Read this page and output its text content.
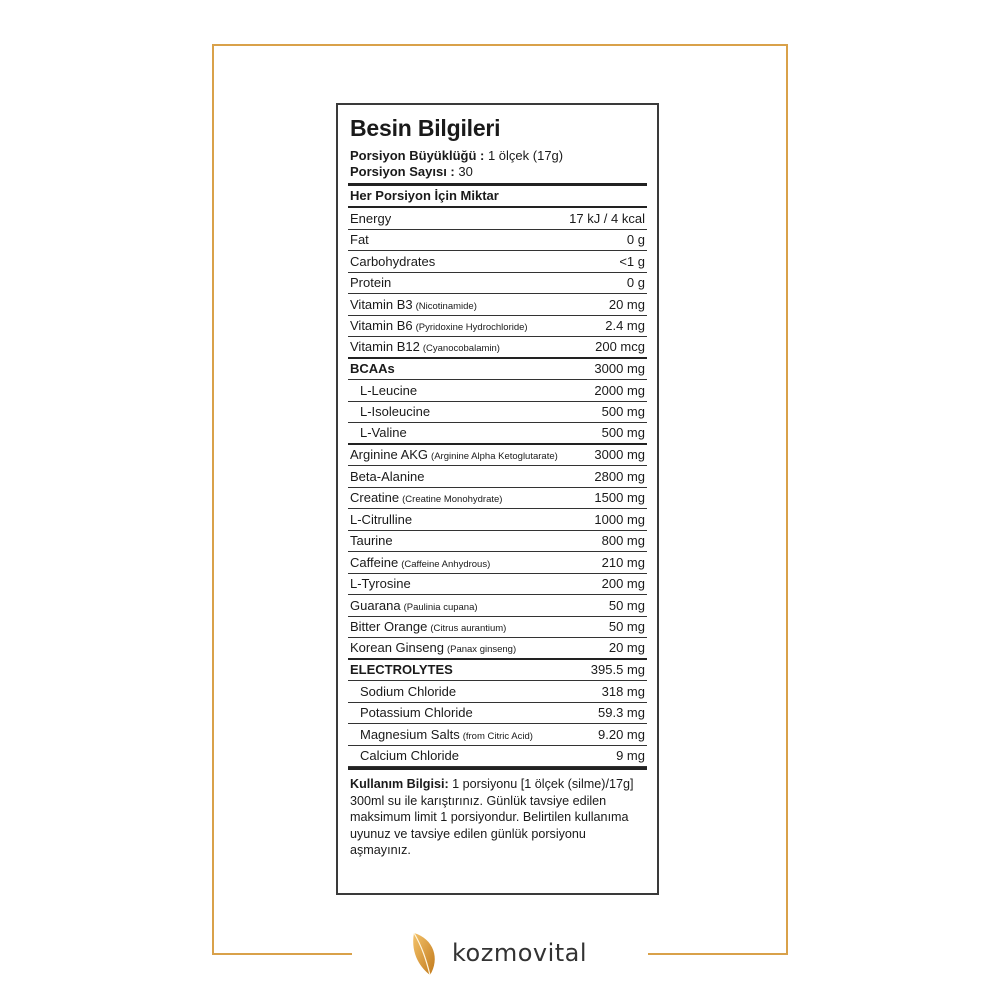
Besin Bilgileri
Porsiyon Büyüklüğü : 1 ölçek (17g)
Porsiyon Sayısı : 30
Her Porsiyon İçin Miktar
Energy	17 kJ / 4 kcal
Fat	0 g
Carbohydrates	<1 g
Protein	0 g
Vitamin B3 (Nicotinamide)	20 mg
Vitamin B6 (Pyridoxine Hydrochloride)	2.4 mg
Vitamin B12 (Cyanocobalamin)	200 mcg
BCAAs	3000 mg
L-Leucine	2000 mg
L-Isoleucine	500 mg
L-Valine	500 mg
Arginine AKG (Arginine Alpha Ketoglutarate)	3000 mg
Beta-Alanine	2800 mg
Creatine (Creatine Monohydrate)	1500 mg
L-Citrulline	1000 mg
Taurine	800 mg
Caffeine (Caffeine Anhydrous)	210 mg
L-Tyrosine	200 mg
Guarana (Paulinia cupana)	50 mg
Bitter Orange (Citrus aurantium)	50 mg
Korean Ginseng (Panax ginseng)	20 mg
ELECTROLYTES	395.5 mg
Sodium Chloride	318 mg
Potassium Chloride	59.3 mg
Magnesium Salts (from Citric Acid)	9.20 mg
Calcium Chloride	9 mg
Kullanım Bilgisi: 1 porsiyonu [1 ölçek (silme)/17g] 300ml su ile karıştırınız. Günlük tavsiye edilen maksimum limit 1 porsiyondur. Belirtilen kullanıma uyunuz ve tavsiye edilen günlük porsiyonu aşmayınız.
kozmovital
